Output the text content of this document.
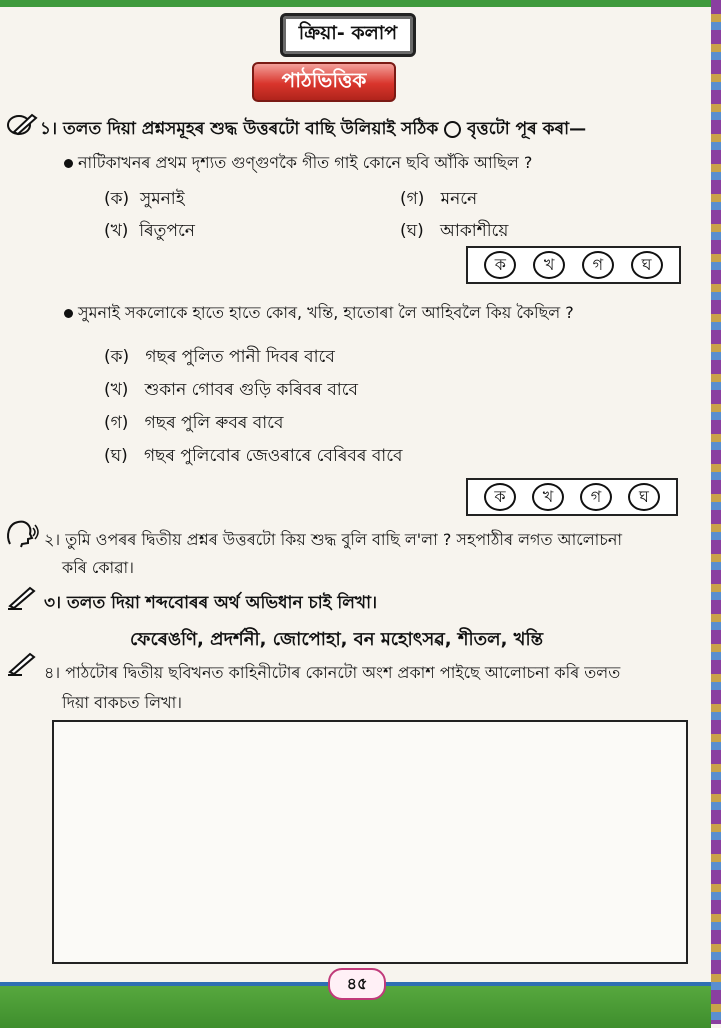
ক্ৰিয়া- কলাপ
পাঠভিত্তিক
১। তলত দিয়া প্ৰশ্নসমূহৰ শুদ্ধ উত্তৰটো বাছি উলিয়াই সঠিক  বৃত্তটো পূৰ কৰা—
নাটিকাখনৰ প্ৰথম দৃশ্যত গুণ্‌গুণকৈ গীত গাই কোনে ছবি আঁকি আছিল ?
(ক) সুমনাই
(খ) ৰিতুপনে
(গ) মননে
(ঘ) আকাশীয়ে
ক	খ	গ	ঘ
সুমনাই সকলোকে হাতে হাতে কোৰ, খন্তি, হাতোৰা লৈ আহিবলৈ কিয় কৈছিল ?
(ক) গছৰ পুলিত পানী দিবৰ বাবে
(খ) শুকান গোবৰ গুড়ি কৰিবৰ বাবে
(গ) গছৰ পুলি ৰুবৰ বাবে
(ঘ) গছৰ পুলিবোৰ জেওৰাৰে বেৰিবৰ বাবে
ক	খ	গ	ঘ
২। তুমি ওপৰৰ দ্বিতীয় প্ৰশ্নৰ উত্তৰটো কিয় শুদ্ধ বুলি বাছি ল'লা ? সহপাঠীৰ লগত আলোচনা
কৰি কোৱা।
৩। তলত দিয়া শব্দবোৰৰ অৰ্থ অভিধান চাই লিখা।
ফেৰেঙণি, প্ৰদৰ্শনী, জোপোহা, বন মহোৎসৱ, শীতল, খন্তি
৪। পাঠটোৰ দ্বিতীয় ছবিখনত কাহিনীটোৰ কোনটো অংশ প্ৰকাশ পাইছে আলোচনা কৰি তলত
দিয়া বাকচত লিখা।
৪৫
